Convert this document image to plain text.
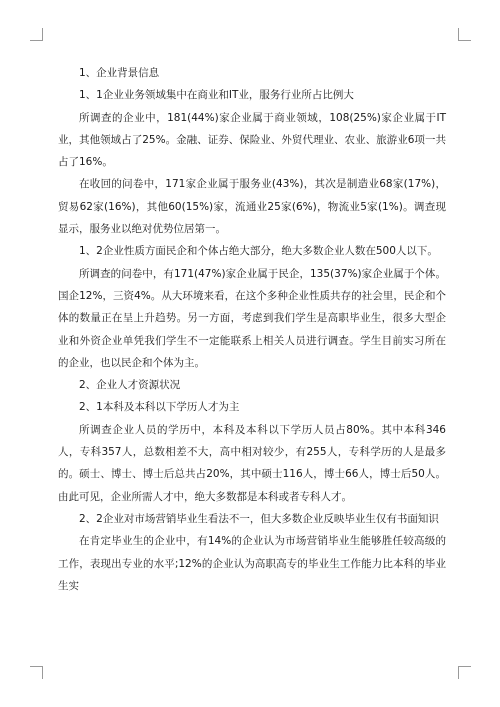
1、企业背景信息

1、1企业业务领域集中在商业和IT业，服务行业所占比例大

所调查的企业中，181(44%)家企业属于商业领域，108(25%)家企业属于IT业，其他领域占了25%。金融、证券、保险业、外贸代理业、农业、旅游业6项一共占了16%。

在收回的问卷中，171家企业属于服务业(43%)，其次是制造业68家(17%)，贸易62家(16%)，其他60(15%)家，流通业25家(6%)，物流业5家(1%)。调查现显示，服务业以绝对优势位居第一。

1、2企业性质方面民企和个体占绝大部分，绝大多数企业人数在500人以下。

所调查的问卷中，有171(47%)家企业属于民企，135(37%)家企业属于个体。国企12%，三资4%。从大环境来看，在这个多种企业性质共存的社会里，民企和个体的数量正在呈上升趋势。另一方面，考虑到我们学生是高职毕业生，很多大型企业和外资企业单凭我们学生不一定能联系上相关人员进行调查。学生目前实习所在的企业，也以民企和个体为主。

2、企业人才资源状况

2、1本科及本科以下学历人才为主

所调查企业人员的学历中，本科及本科以下学历人员占80%。其中本科346人，专科357人，总数相差不大，高中相对较少，有255人，专科学历的人是最多的。硕士、博士、博士后总共占20%，其中硕士116人，博士66人，博士后50人。由此可见，企业所需人才中，绝大多数都是本科或者专科人才。

2、2企业对市场营销毕业生看法不一，但大多数企业反映毕业生仅有书面知识

在肯定毕业生的企业中，有14%的企业认为市场营销毕业生能够胜任较高级的工作，表现出专业的水平;12%的企业认为高职高专的毕业生工作能力比本科的毕业生实
